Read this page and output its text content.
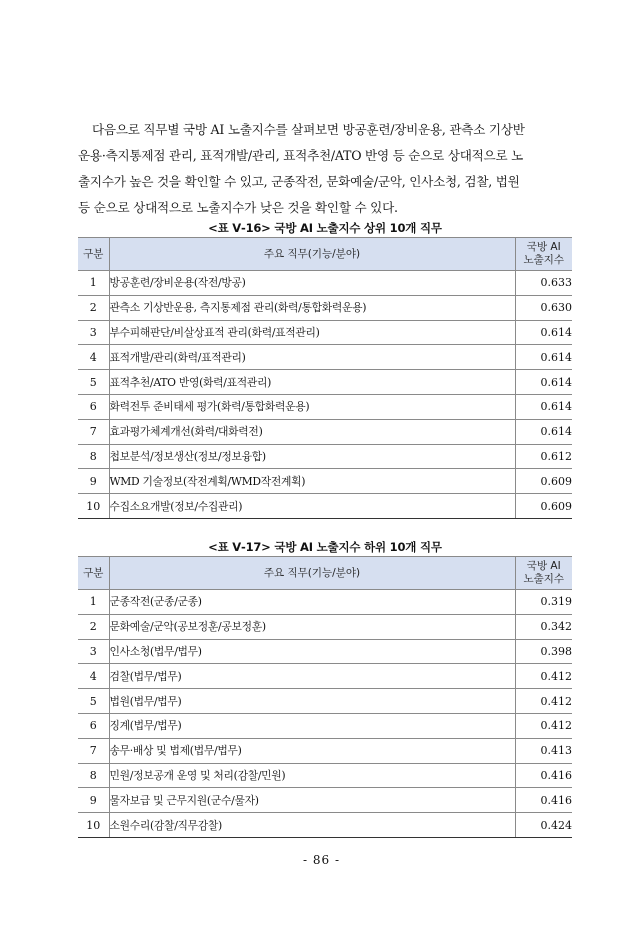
다음으로 직무별 국방 AI 노출지수를 살펴보면 방공훈련/장비운용, 관측소 기상반
운용·측지통제점 관리, 표적개발/관리, 표적추천/ATO 반영 등 순으로 상대적으로 노
출지수가 높은 것을 확인할 수 있고, 군종작전, 문화예술/군악, 인사소청, 검찰, 법원
등 순으로 상대적으로 노출지수가 낮은 것을 확인할 수 있다.

<표 Ⅴ-16> 국방 AI 노출지수 상위 10개 직무
구분	주요 직무(기능/분야)	국방 AI
노출지수
1	방공훈련/장비운용(작전/방공)	0.633
2	관측소 기상반운용, 측지통제점 관리(화력/통합화력운용)	0.630
3	부수피해판단/비살상표적 관리(화력/표적관리)	0.614
4	표적개발/관리(화력/표적관리)	0.614
5	표적추천/ATO 반영(화력/표적관리)	0.614
6	화력전투 준비태세 평가(화력/통합화력운용)	0.614
7	효과평가체계개선(화력/대화력전)	0.614
8	첩보분석/정보생산(정보/정보융합)	0.612
9	WMD 기술정보(작전계획/WMD작전계획)	0.609
10	수집소요개발(정보/수집관리)	0.609
<표 Ⅴ-17> 국방 AI 노출지수 하위 10개 직무
구분	주요 직무(기능/분야)	국방 AI
노출지수
1	군종작전(군종/군종)	0.319
2	문화예술/군악(공보정훈/공보정훈)	0.342
3	인사소청(법무/법무)	0.398
4	검찰(법무/법무)	0.412
5	법원(법무/법무)	0.412
6	징계(법무/법무)	0.412
7	송무·배상 및 법제(법무/법무)	0.413
8	민원/정보공개 운영 및 처리(감찰/민원)	0.416
9	물자보급 및 근무지원(군수/물자)	0.416
10	소원수리(감찰/직무감찰)	0.424
- 86 -
